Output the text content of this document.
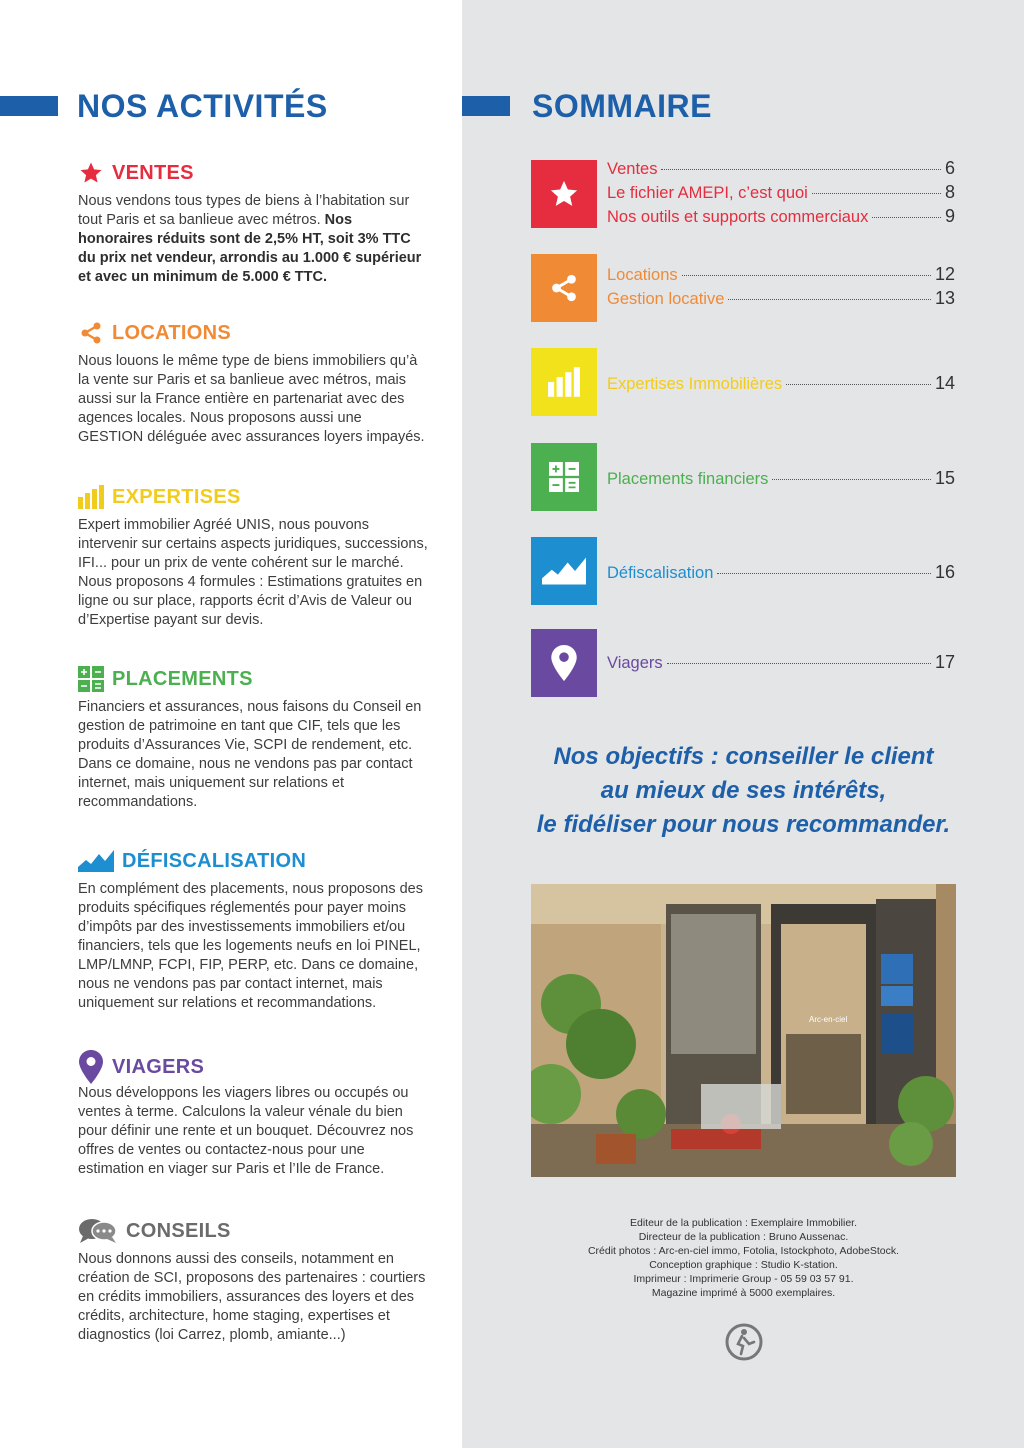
NOS ACTIVITÉS
VENTES
Nous vendons tous types de biens à l’habitation sur tout Paris et sa banlieue avec métros. Nos honoraires réduits sont de 2,5% HT, soit 3% TTC du prix net vendeur, arrondis au 1.000 € supérieur et avec un minimum de 5.000 € TTC.
LOCATIONS
Nous louons le même type de biens immobiliers qu’à la vente sur Paris et sa banlieue avec métros, mais aussi sur la France entière en partenariat avec des agences locales. Nous proposons aussi une GESTION déléguée avec assurances loyers impayés.
EXPERTISES
Expert immobilier Agréé UNIS, nous pouvons intervenir sur certains aspects juridiques, successions, IFI... pour un prix de vente cohérent sur le marché. Nous proposons 4 formules : Estimations gratuites en ligne ou sur place, rapports écrit d’Avis de Valeur ou d’Expertise payant sur devis.
PLACEMENTS
Financiers et assurances, nous faisons du Conseil en gestion de patrimoine en tant que CIF, tels que les produits d’Assurances Vie, SCPI de rendement, etc. Dans ce domaine, nous ne vendons pas par contact internet, mais uniquement sur relations et recommandations.
DÉFISCALISATION
En complément des placements, nous proposons des produits spécifiques réglementés pour payer moins d’impôts par des investissements immobiliers et/ou financiers, tels que les logements neufs en loi PINEL, LMP/LMNP, FCPI, FIP, PERP, etc. Dans ce domaine, nous ne vendons pas par contact internet, mais uniquement sur relations et recommandations.
VIAGERS
Nous développons les viagers libres ou occupés ou ventes à terme. Calculons la valeur vénale du bien pour définir une rente et un bouquet. Découvrez nos offres de ventes ou contactez-nous pour une estimation en viager sur Paris et l’Ile de France.
CONSEILS
Nous donnons aussi des conseils, notamment en création de SCI, proposons des partenaires : courtiers en crédits immobiliers, assurances des loyers et des crédits, architecture, home staging, expertises et diagnostics (loi Carrez, plomb, amiante...)
SOMMAIRE
Ventes	6
Le fichier AMEPI, c’est quoi	8
Nos outils et supports commerciaux	9
Locations	12
Gestion locative	13
Expertises Immobilières	14
Placements financiers	15
Défiscalisation	16
Viagers	17
Nos objectifs : conseiller le client
au mieux de ses intérêts,
le fidéliser pour nous recommander.
Arc-en-ciel
Editeur de la publication : Exemplaire Immobilier.
Directeur de la publication : Bruno Aussenac.
Crédit photos : Arc-en-ciel immo, Fotolia, Istockphoto, AdobeStock.
Conception graphique : Studio K-station.
Imprimeur : Imprimerie Group - 05 59 03 57 91.
Magazine imprimé à 5000 exemplaires.
